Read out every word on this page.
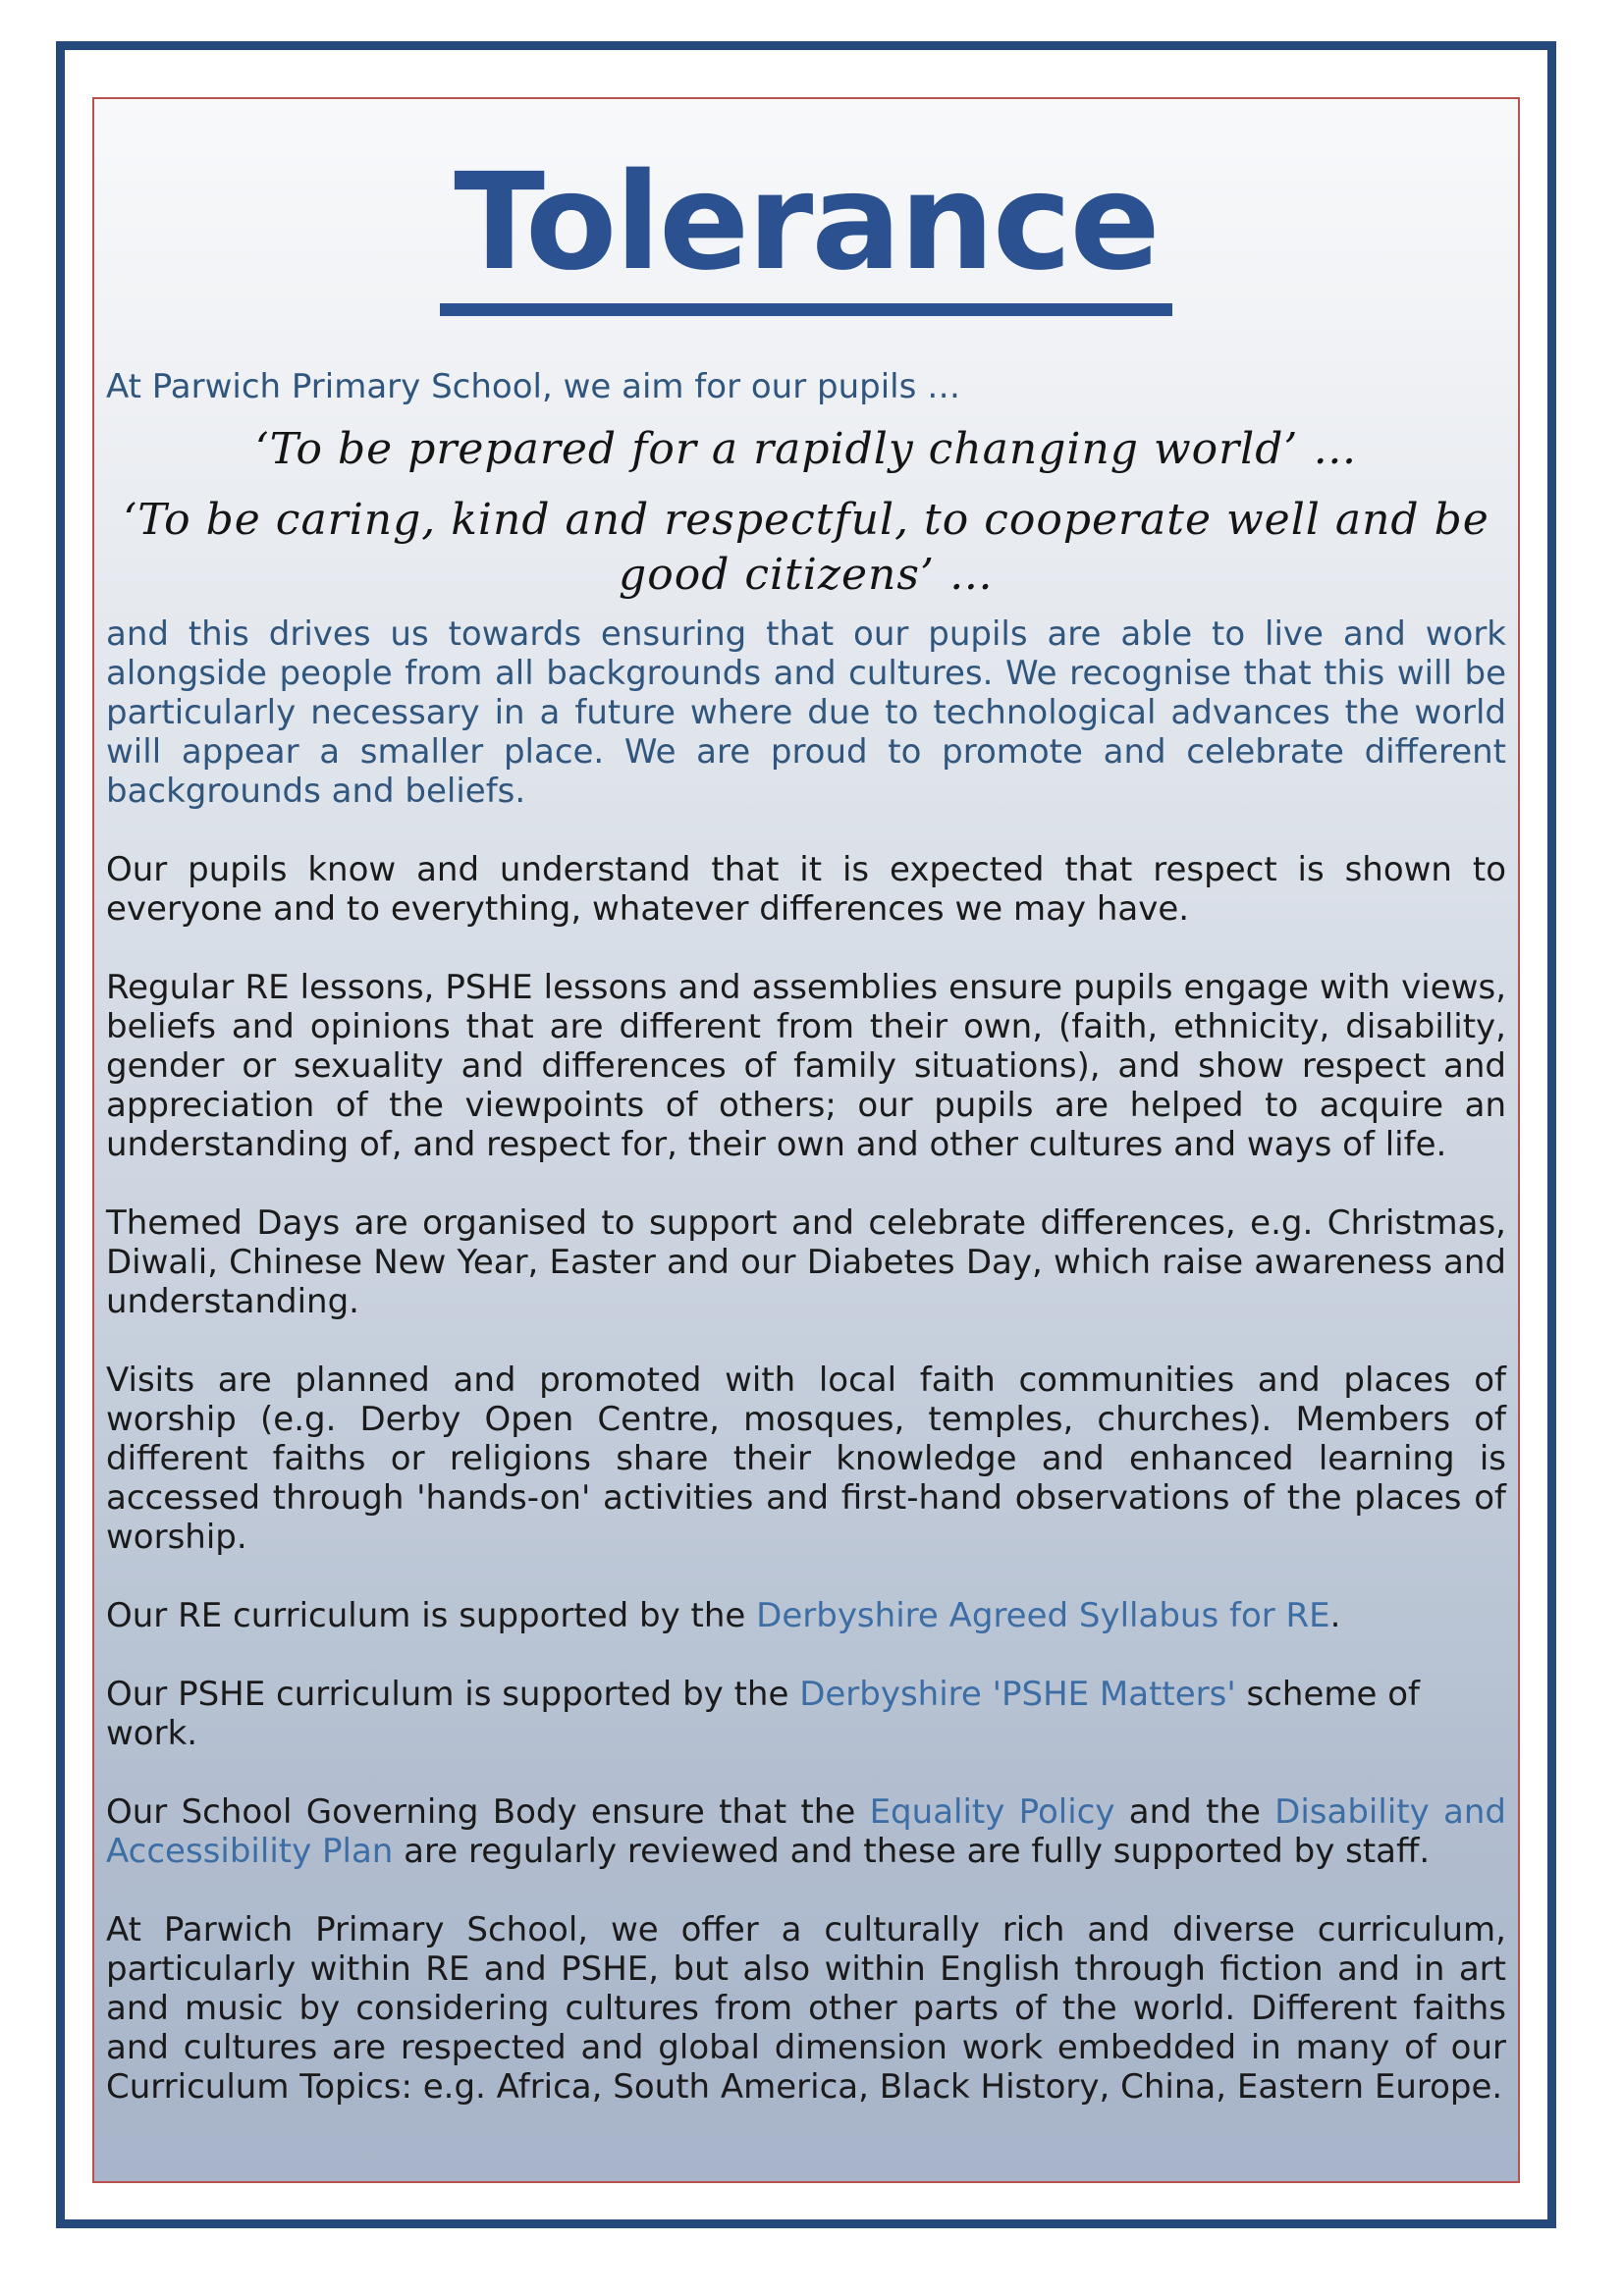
Tolerance

At Parwich Primary School, we aim for our pupils …

‘To be prepared for a rapidly changing world’ …

‘To be caring, kind and respectful, to cooperate well and be good citizens’ …

and this drives us towards ensuring that our pupils are able to live and work alongside people from all backgrounds and cultures. We recognise that this will be particularly necessary in a future where due to technological advances the world will appear a smaller place. We are proud to promote and celebrate different backgrounds and beliefs.

Our pupils know and understand that it is expected that respect is shown to everyone and to everything, whatever differences we may have.

Regular RE lessons, PSHE lessons and assemblies ensure pupils engage with views, beliefs and opinions that are different from their own, (faith, ethnicity, disability, gender or sexuality and differences of family situations), and show respect and appreciation of the viewpoints of others; our pupils are helped to acquire an understanding of, and respect for, their own and other cultures and ways of life.

Themed Days are organised to support and celebrate differences, e.g. Christmas, Diwali, Chinese New Year, Easter and our Diabetes Day, which raise awareness and understanding.

Visits are planned and promoted with local faith communities and places of worship (e.g. Derby Open Centre, mosques, temples, churches). Members of different faiths or religions share their knowledge and enhanced learning is accessed through 'hands-on' activities and first-hand observations of the places of worship.

Our RE curriculum is supported by the Derbyshire Agreed Syllabus for RE.

Our PSHE curriculum is supported by the Derbyshire 'PSHE Matters' scheme of work.

Our School Governing Body ensure that the Equality Policy and the Disability and Accessibility Plan are regularly reviewed and these are fully supported by staff.

At Parwich Primary School, we offer a culturally rich and diverse curriculum, particularly within RE and PSHE, but also within English through fiction and in art and music by considering cultures from other parts of the world. Different faiths and cultures are respected and global dimension work embedded in many of our Curriculum Topics: e.g. Africa, South America, Black History, China, Eastern Europe.
